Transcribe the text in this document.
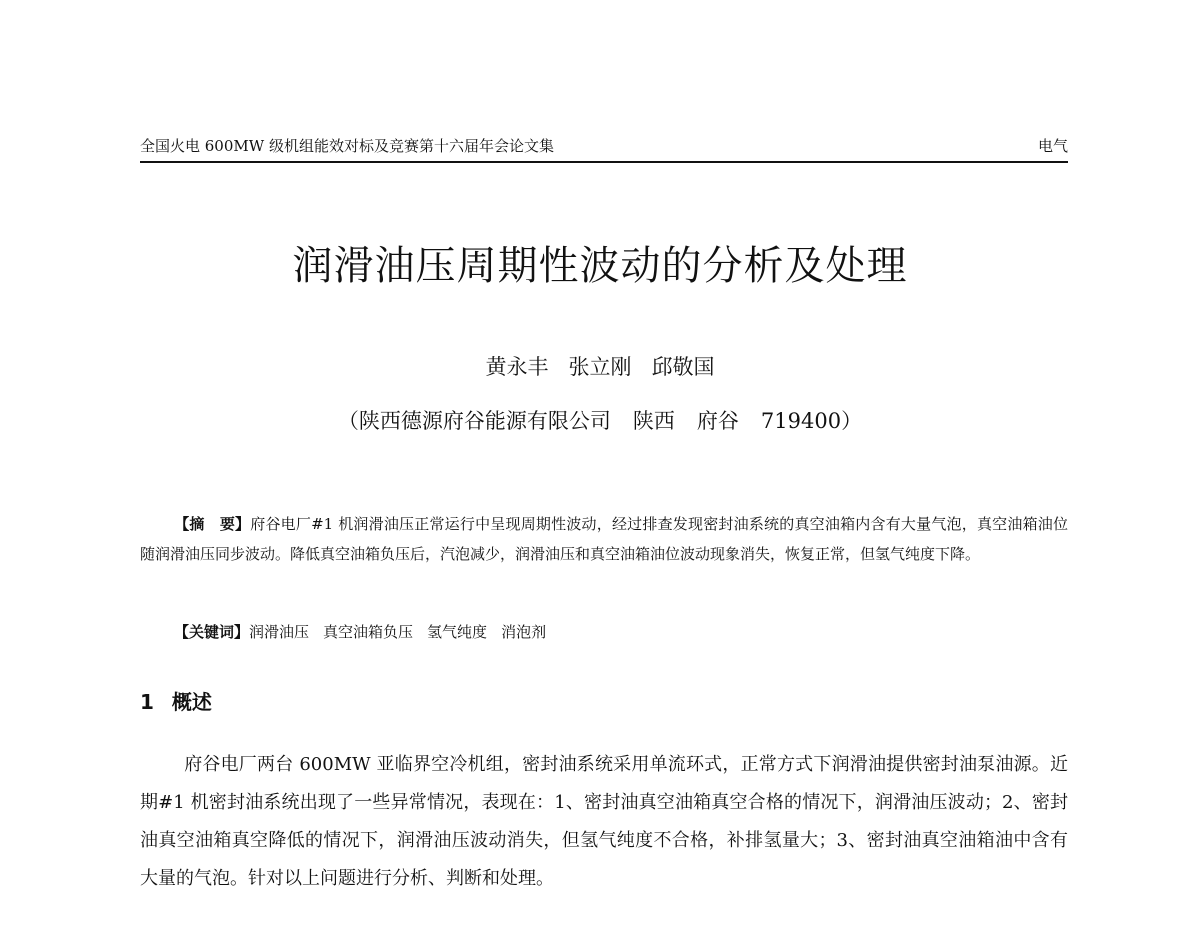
全国火电 600MW 级机组能效对标及竞赛第十六届年会论文集	电气
润滑油压周期性波动的分析及处理
黄永丰 张立刚 邱敬国
（陕西德源府谷能源有限公司 陕西 府谷 719400）
【摘　要】府谷电厂#1 机润滑油压正常运行中呈现周期性波动，经过排查发现密封油系统的真空油箱内含有大量气泡，真空油箱油位随润滑油压同步波动。降低真空油箱负压后，汽泡减少，润滑油压和真空油箱油位波动现象消失，恢复正常，但氢气纯度下降。
【关键词】润滑油压 真空油箱负压 氢气纯度 消泡剂
1 概述
府谷电厂两台 600MW 亚临界空冷机组，密封油系统采用单流环式，正常方式下润滑油提供密封油泵油源。近期#1 机密封油系统出现了一些异常情况，表现在：1、密封油真空油箱真空合格的情况下，润滑油压波动；2、密封油真空油箱真空降低的情况下，润滑油压波动消失，但氢气纯度不合格，补排氢量大；3、密封油真空油箱油中含有大量的气泡。针对以上问题进行分析、判断和处理。
